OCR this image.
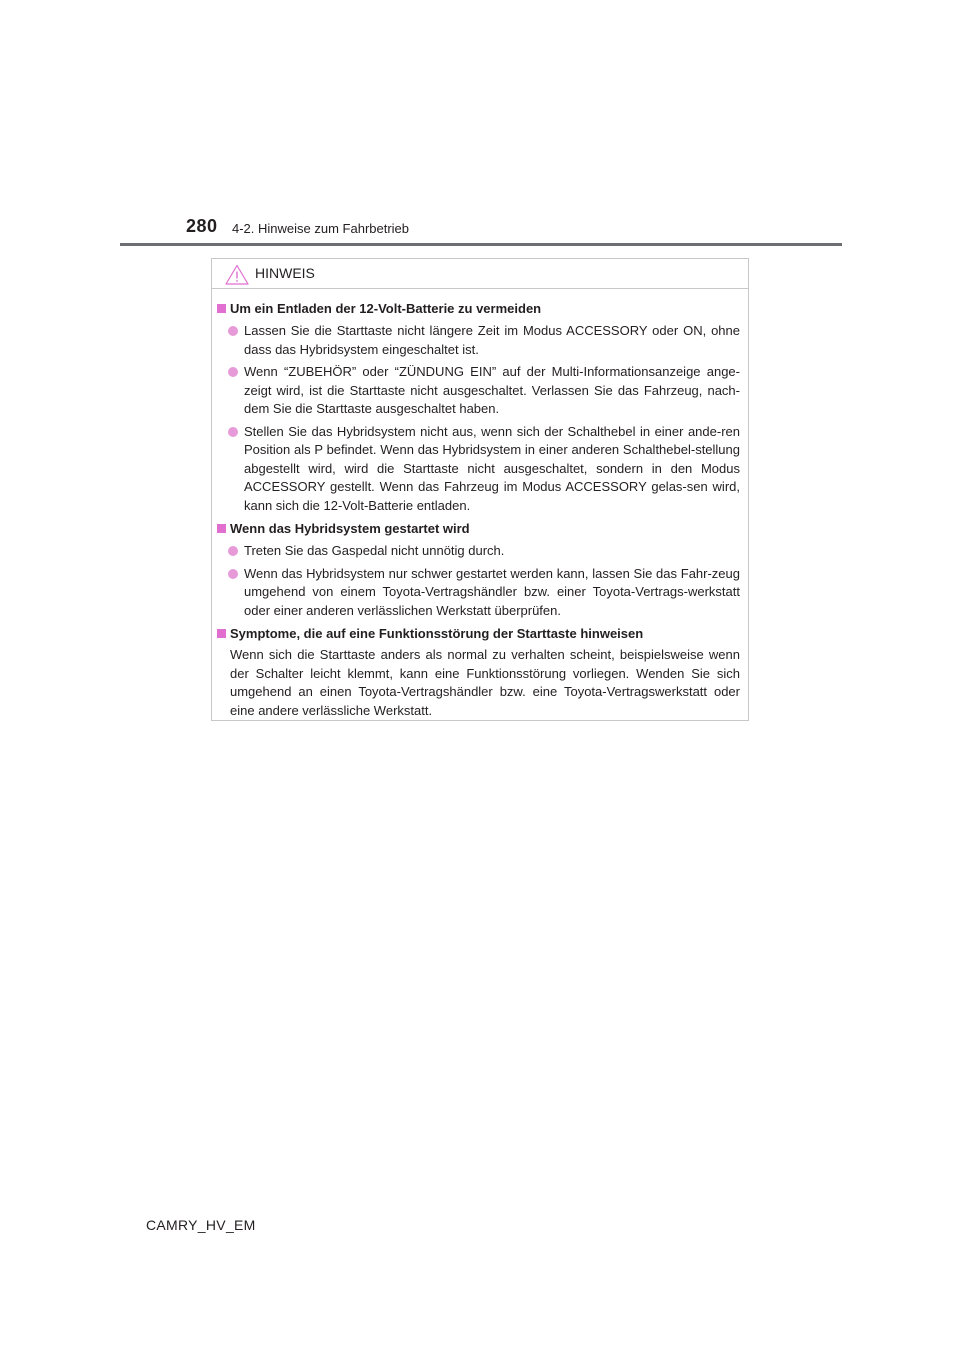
280 4-2. Hinweise zum Fahrbetrieb
HINWEIS
Um ein Entladen der 12-Volt-Batterie zu vermeiden
Lassen Sie die Starttaste nicht längere Zeit im Modus ACCESSORY oder ON, ohne dass das Hybridsystem eingeschaltet ist.
Wenn “ZUBEHÖR” oder “ZÜNDUNG EIN” auf der Multi-Informationsanzeige ange-zeigt wird, ist die Starttaste nicht ausgeschaltet. Verlassen Sie das Fahrzeug, nach-dem Sie die Starttaste ausgeschaltet haben.
Stellen Sie das Hybridsystem nicht aus, wenn sich der Schalthebel in einer ande-ren Position als P befindet. Wenn das Hybridsystem in einer anderen Schalthebel-stellung abgestellt wird, wird die Starttaste nicht ausgeschaltet, sondern in den Modus ACCESSORY gestellt. Wenn das Fahrzeug im Modus ACCESSORY gelas-sen wird, kann sich die 12-Volt-Batterie entladen.
Wenn das Hybridsystem gestartet wird
Treten Sie das Gaspedal nicht unnötig durch.
Wenn das Hybridsystem nur schwer gestartet werden kann, lassen Sie das Fahr-zeug umgehend von einem Toyota-Vertragshändler bzw. einer Toyota-Vertrags-werkstatt oder einer anderen verlässlichen Werkstatt überprüfen.
Symptome, die auf eine Funktionsstörung der Starttaste hinweisen
Wenn sich die Starttaste anders als normal zu verhalten scheint, beispielsweise wenn der Schalter leicht klemmt, kann eine Funktionsstörung vorliegen. Wenden Sie sich umgehend an einen Toyota-Vertragshändler bzw. eine Toyota-Vertragswerkstatt oder eine andere verlässliche Werkstatt.
CAMRY_HV_EM
